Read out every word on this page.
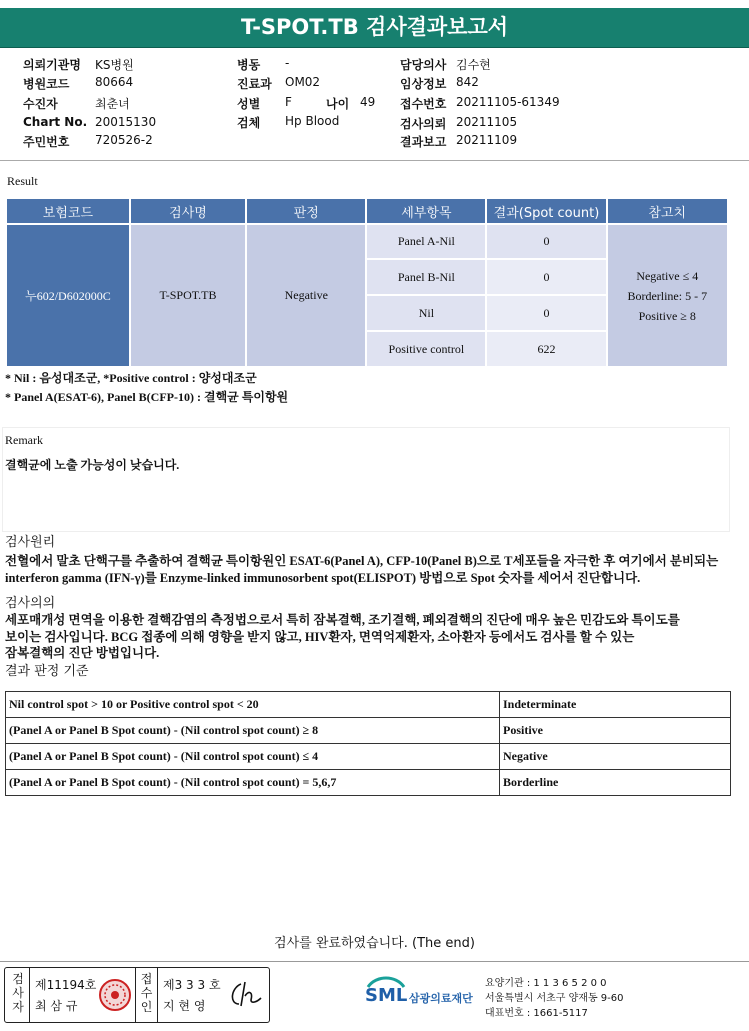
T-SPOT.TB 검사결과보고서
의뢰기관명 KS병원
병원코드 80664
수진자	최춘녀
Chart No. 20015130
주민번호 720526-2
병동 -
진료과 OM02
성별 F	나이 49
검체 Hp Blood
담당의사 김수현
임상정보 842
접수번호 20211105-61349
검사의뢰 20211105
결과보고 20211109
Result
보험코드	검사명	판정	세부항목	결과(Spot count)	참고치
누602/D602000C	T-SPOT.TB	Negative	Panel A-Nil	0	Negative ≤ 4
Borderline: 5 - 7
Positive ≥ 8

			Panel B-Nil	0	
			Nil	0	
			Positive control	622	
* Nil : 음성대조군, *Positive control : 양성대조군
* Panel A(ESAT-6), Panel B(CFP-10) : 결핵균 특이항원
Remark
결핵균에 노출 가능성이 낮습니다.
검사원리
전혈에서 말초 단핵구를 추출하여 결핵균 특이항원인 ESAT-6(Panel A), CFP-10(Panel B)으로 T세포들을 자극한 후 여기에서 분비되는
interferon gamma (IFN-γ)를 Enzyme-linked immunosorbent spot(ELISPOT) 방법으로 Spot 숫자를 세어서 진단합니다.
검사의의
세포매개성 면역을 이용한 결핵감염의 측정법으로서 특히 잠복결핵, 조기결핵, 폐외결핵의 진단에 매우 높은 민감도와 특이도를
보이는 검사입니다. BCG 접종에 의해 영향을 받지 않고, HIV환자, 면역억제환자, 소아환자 등에서도 검사를 할 수 있는
잠복결핵의 진단 방법입니다.
결과 판정 기준
Nil control spot > 10 or Positive control spot < 20	Indeterminate
(Panel A or Panel B Spot count) - (Nil control spot count) ≥ 8	Positive
(Panel A or Panel B Spot count) - (Nil control spot count) ≤ 4	Negative
(Panel A or Panel B Spot count) - (Nil control spot count) = 5,6,7	Borderline
검사를 완료하였습니다. (The end)
검
사
자
제11194호
최 삼 규
접
수
인
제3 3 3 호
지 현 영	SML 삼광의료재단
요양기관 : 1 1 3 6 5 2 0 0
서울특별시 서초구 양재동 9-60
대표번호 : 1661-5117
